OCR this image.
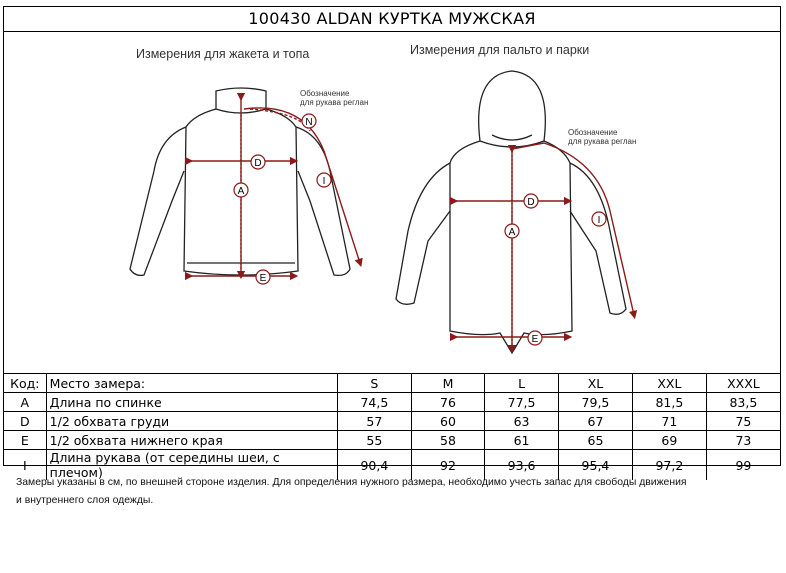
100430 ALDAN КУРТКА МУЖСКАЯ
Измерения для жакета и топа	Измерения для пальто и парки
A
D
E
I
N
Обозначение
для рукава реглан
A
D
E
I
Обозначение
для рукава реглан
Код:	Место замера:	S	M	L	XL	XXL	XXXL
A	Длина по спинке	74,5	76	77,5	79,5	81,5	83,5
D	1/2 обхвата груди	57	60	63	67	71	75
E	1/2 обхвата нижнего края	55	58	61	65	69	73
I	Длина рукава (от середины шеи, с плечом)	90,4	92	93,6	95,4	97,2	99
Замеры указаны в см, по внешней стороне изделия. Для определения нужного размера, необходимо учесть запас для свободы движения
и внутреннего слоя одежды.
